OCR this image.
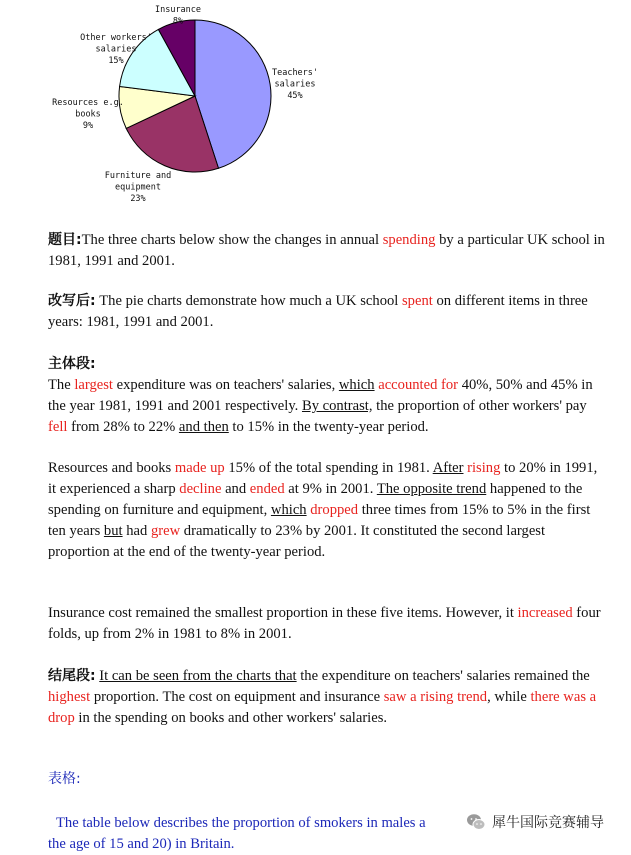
Teachers'
salaries
45%
Furniture and
equipment
23%
Resources e.g.
books
9%
Other workers'
salaries
15%
Insurance
8%
题目:The three charts below show the changes in annual spending by a particular UK school in 1981, 1991 and 2001.
改写后: The pie charts demonstrate how much a UK school spent on different items in three years: 1981, 1991 and 2001.
主体段:
The largest expenditure was on teachers' salaries, which accounted for 40%, 50% and 45% in the year 1981, 1991 and 2001 respectively. By contrast, the proportion of other workers' pay fell from 28% to 22% and then to 15% in the twenty-year period.
Resources and books made up 15% of the total spending in 1981. After rising to 20% in 1991, it experienced a sharp decline and ended at 9% in 2001. The opposite trend happened to the spending on furniture and equipment, which dropped three times from 15% to 5% in the first ten years but had grew dramatically to 23% by 2001. It constituted the second largest proportion at the end of the twenty-year period.
Insurance cost remained the smallest proportion in these five items. However, it increased four folds, up from 2% in 1981 to 8% in 2001.
结尾段: It can be seen from the charts that the expenditure on teachers' salaries remained the highest proportion. The cost on equipment and insurance saw a rising trend, while there was a drop in the spending on books and other workers' salaries.
表格:
The table below describes the proportion of smokers in males a
the age of 15 and 20) in Britain.
犀牛国际竞赛辅导
